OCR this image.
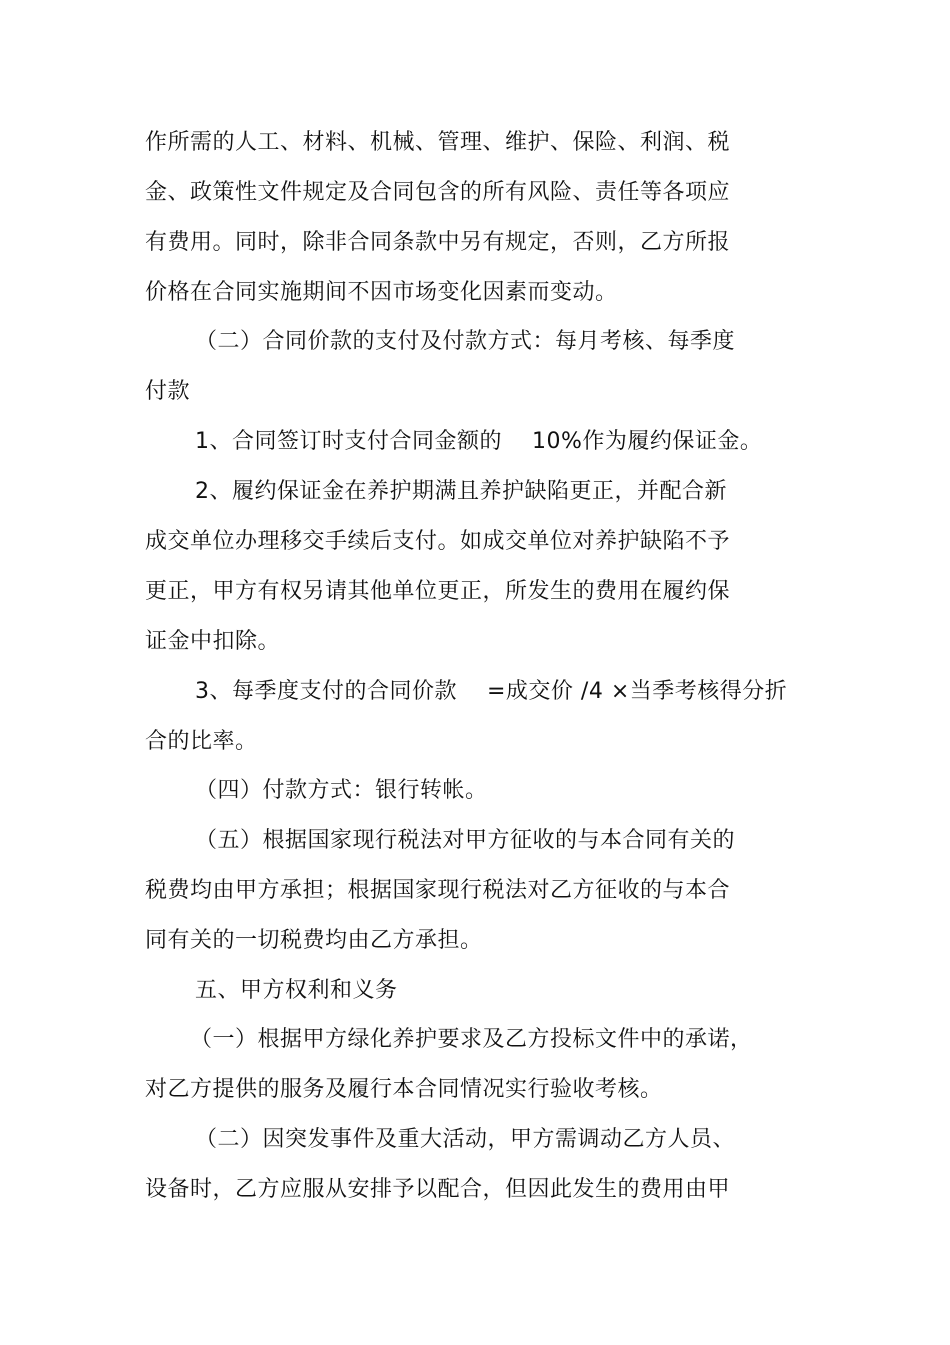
作所需的人工、材料、机械、管理、维护、保险、利润、税
金、政策性文件规定及合同包含的所有风险、责任等各项应
有费用。同时，除非合同条款中另有规定，否则，乙方所报
价格在合同实施期间不因市场变化因素而变动。
（二）合同价款的支付及付款方式：每月考核、每季度
付款
1、合同签订时支付合同金额的　 10%作为履约保证金。
2、履约保证金在养护期满且养护缺陷更正，并配合新
成交单位办理移交手续后支付。如成交单位对养护缺陷不予
更正，甲方有权另请其他单位更正，所发生的费用在履约保
证金中扣除。
3、每季度支付的合同价款　 =成交价 /4 ×当季考核得分折
合的比率。
（四）付款方式：银行转帐。
（五）根据国家现行税法对甲方征收的与本合同有关的
税费均由甲方承担；根据国家现行税法对乙方征收的与本合
同有关的一切税费均由乙方承担。
五、甲方权利和义务
（一）根据甲方绿化养护要求及乙方投标文件中的承诺，
对乙方提供的服务及履行本合同情况实行验收考核。
（二）因突发事件及重大活动，甲方需调动乙方人员、
设备时，乙方应服从安排予以配合，但因此发生的费用由甲
